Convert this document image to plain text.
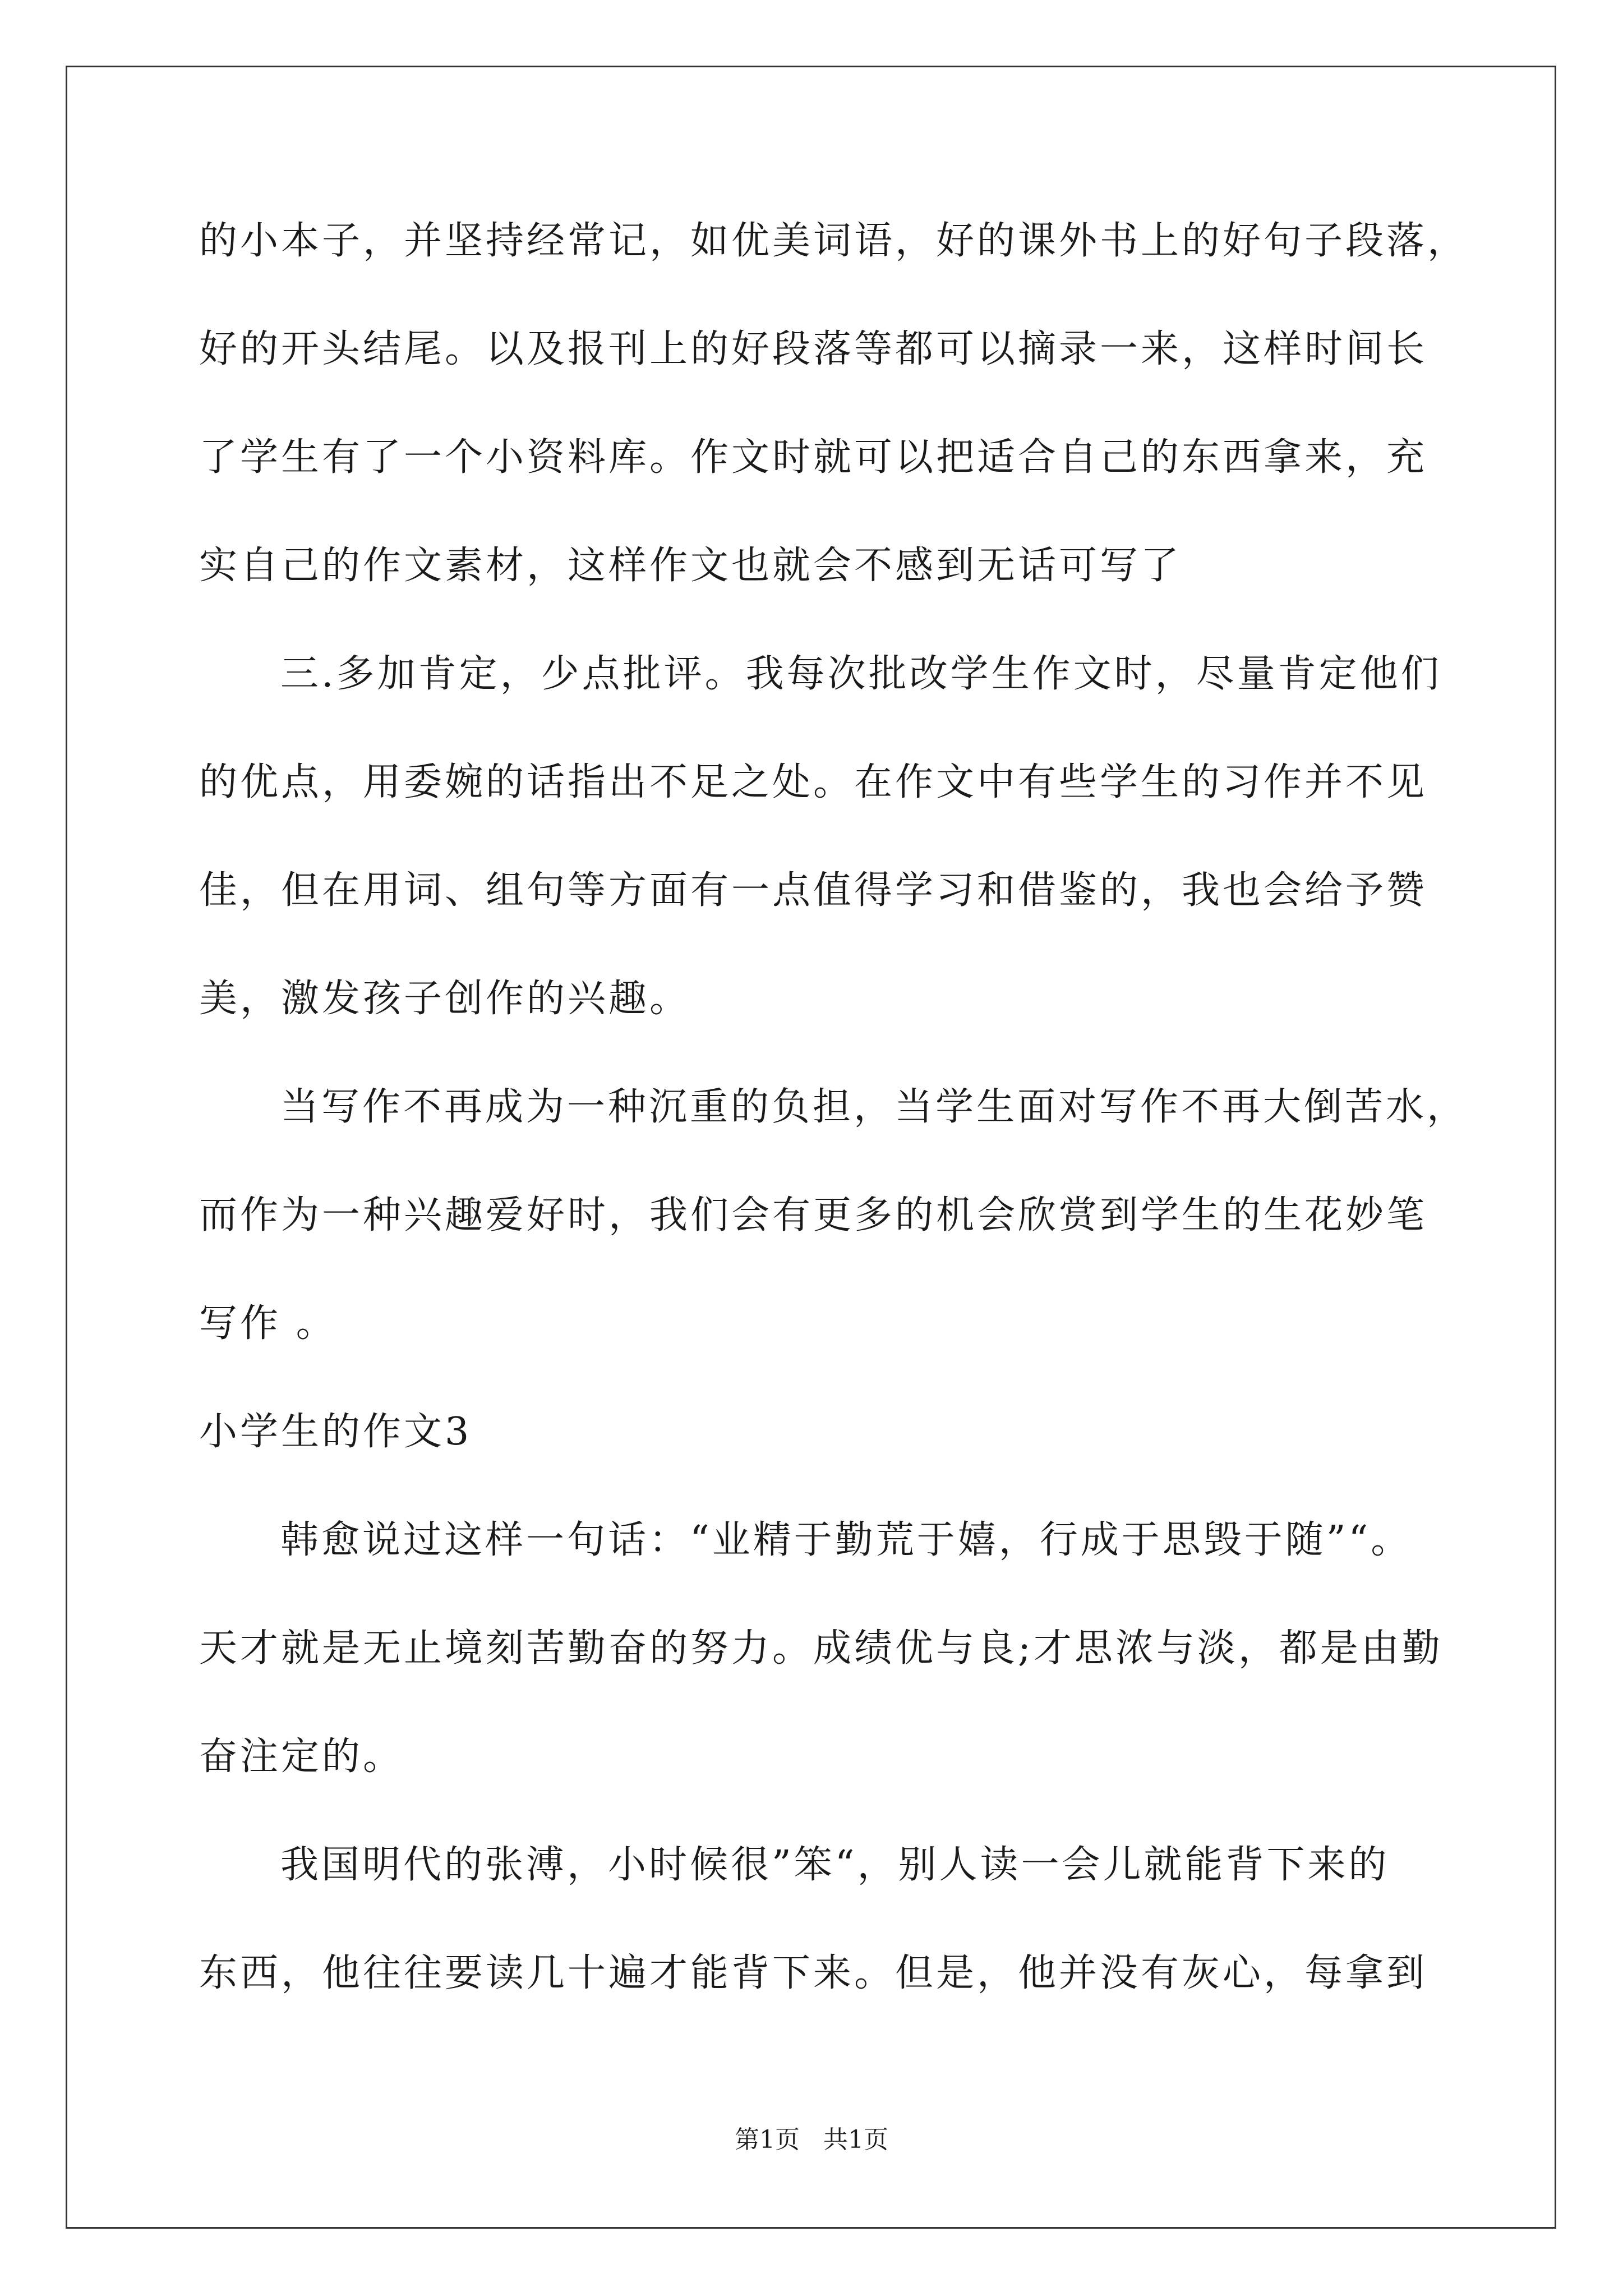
的小本子，并坚持经常记，如优美词语，好的课外书上的好句子段落，
好的开头结尾。以及报刊上的好段落等都可以摘录一来，这样时间长
了学生有了一个小资料库。作文时就可以把适合自己的东西拿来，充
实自己的作文素材，这样作文也就会不感到无话可写了
三.多加肯定，少点批评。我每次批改学生作文时，尽量肯定他们
的优点，用委婉的话指出不足之处。在作文中有些学生的习作并不见
佳，但在用词、组句等方面有一点值得学习和借鉴的，我也会给予赞
美，激发孩子创作的兴趣。
当写作不再成为一种沉重的负担，当学生面对写作不再大倒苦水，
而作为一种兴趣爱好时，我们会有更多的机会欣赏到学生的生花妙笔
写作 。
小学生的作文3
韩愈说过这样一句话：“业精于勤荒于嬉，行成于思毁于随”“。
天才就是无止境刻苦勤奋的努力。成绩优与良;才思浓与淡，都是由勤
奋注定的。
我国明代的张溥，小时候很”笨“，别人读一会儿就能背下来的
东西，他往往要读几十遍才能背下来。但是，他并没有灰心，每拿到
第1页   共1页
